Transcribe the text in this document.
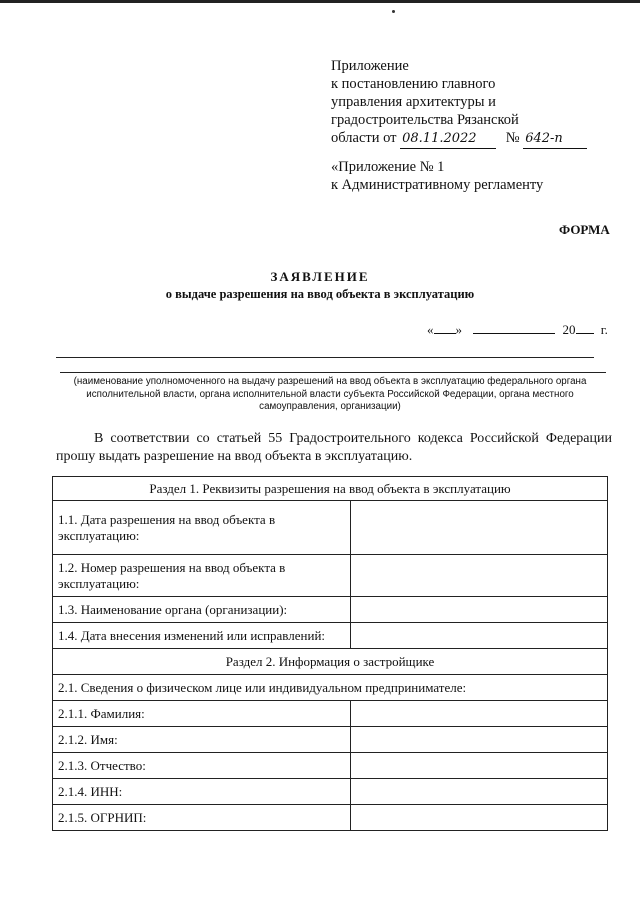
Приложение
к постановлению главного
управления архитектуры и
градостроительства Рязанской
области от 08.11.2022 № 642-п
«Приложение № 1
к Административному регламенту
ФОРМА
ЗАЯВЛЕНИЕ
о выдаче разрешения на ввод объекта в эксплуатацию
« »	20 г.
(наименование уполномоченного на выдачу разрешений на ввод объекта в эксплуатацию федерального органа исполнительной власти, органа исполнительной власти субъекта Российской Федерации, органа местного самоуправления, организации)
В соответствии со статьей 55 Градостроительного кодекса Российской Федерации прошу выдать разрешение на ввод объекта в эксплуатацию.
Раздел 1. Реквизиты разрешения на ввод объекта в эксплуатацию	
1.1. Дата разрешения на ввод объекта в эксплуатацию:	
1.2. Номер разрешения на ввод объекта в эксплуатацию:	
1.3. Наименование органа (организации):	
1.4. Дата внесения изменений или исправлений:	
Раздел 2. Информация о застройщике	
2.1. Сведения о физическом лице или индивидуальном предпринимателе:	
2.1.1. Фамилия:	
2.1.2. Имя:	
2.1.3. Отчество:	
2.1.4. ИНН:	
2.1.5. ОГРНИП:	
